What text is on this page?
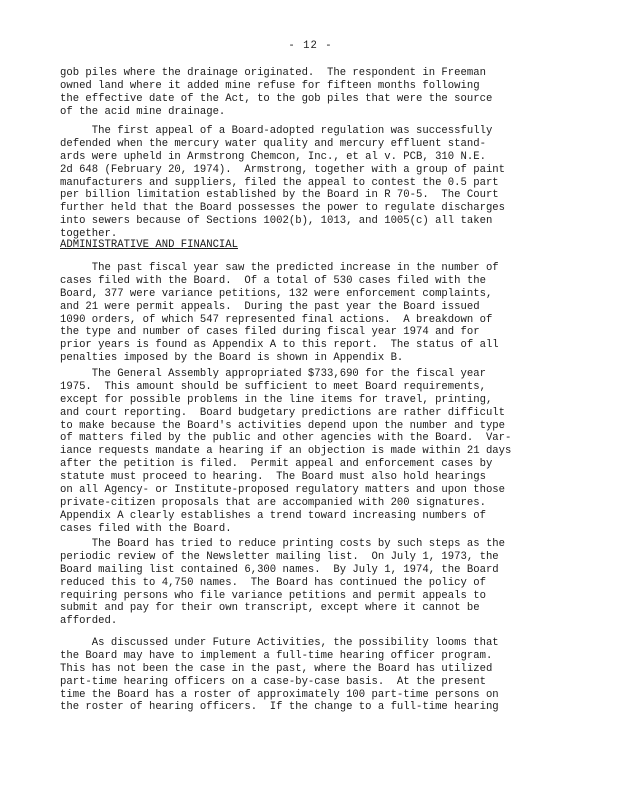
- 12 -
gob piles where the drainage originated.  The respondent in Freeman
owned land where it added mine refuse for fifteen months following
the effective date of the Act, to the gob piles that were the source
of the acid mine drainage.
The first appeal of a Board-adopted regulation was successfully
defended when the mercury water quality and mercury effluent stand-
ards were upheld in Armstrong Chemcon, Inc., et al v. PCB, 310 N.E.
2d 648 (February 20, 1974).  Armstrong, together with a group of paint
manufacturers and suppliers, filed the appeal to contest the 0.5 part
per billion limitation established by the Board in R 70-5.  The Court
further held that the Board possesses the power to regulate discharges
into sewers because of Sections 1002(b), 1013, and 1005(c) all taken
together.
ADMINISTRATIVE AND FINANCIAL
The past fiscal year saw the predicted increase in the number of
cases filed with the Board.  Of a total of 530 cases filed with the
Board, 377 were variance petitions, 132 were enforcement complaints,
and 21 were permit appeals.  During the past year the Board issued
1090 orders, of which 547 represented final actions.  A breakdown of
the type and number of cases filed during fiscal year 1974 and for
prior years is found as Appendix A to this report.  The status of all
penalties imposed by the Board is shown in Appendix B.
The General Assembly appropriated $733,690 for the fiscal year
1975.  This amount should be sufficient to meet Board requirements,
except for possible problems in the line items for travel, printing,
and court reporting.  Board budgetary predictions are rather difficult
to make because the Board's activities depend upon the number and type
of matters filed by the public and other agencies with the Board.  Var-
iance requests mandate a hearing if an objection is made within 21 days
after the petition is filed.  Permit appeal and enforcement cases by
statute must proceed to hearing.  The Board must also hold hearings
on all Agency- or Institute-proposed regulatory matters and upon those
private-citizen proposals that are accompanied with 200 signatures.
Appendix A clearly establishes a trend toward increasing numbers of
cases filed with the Board.
The Board has tried to reduce printing costs by such steps as the
periodic review of the Newsletter mailing list.  On July 1, 1973, the
Board mailing list contained 6,300 names.  By July 1, 1974, the Board
reduced this to 4,750 names.  The Board has continued the policy of
requiring persons who file variance petitions and permit appeals to
submit and pay for their own transcript, except where it cannot be
afforded.
As discussed under Future Activities, the possibility looms that
the Board may have to implement a full-time hearing officer program.
This has not been the case in the past, where the Board has utilized
part-time hearing officers on a case-by-case basis.  At the present
time the Board has a roster of approximately 100 part-time persons on
the roster of hearing officers.  If the change to a full-time hearing
